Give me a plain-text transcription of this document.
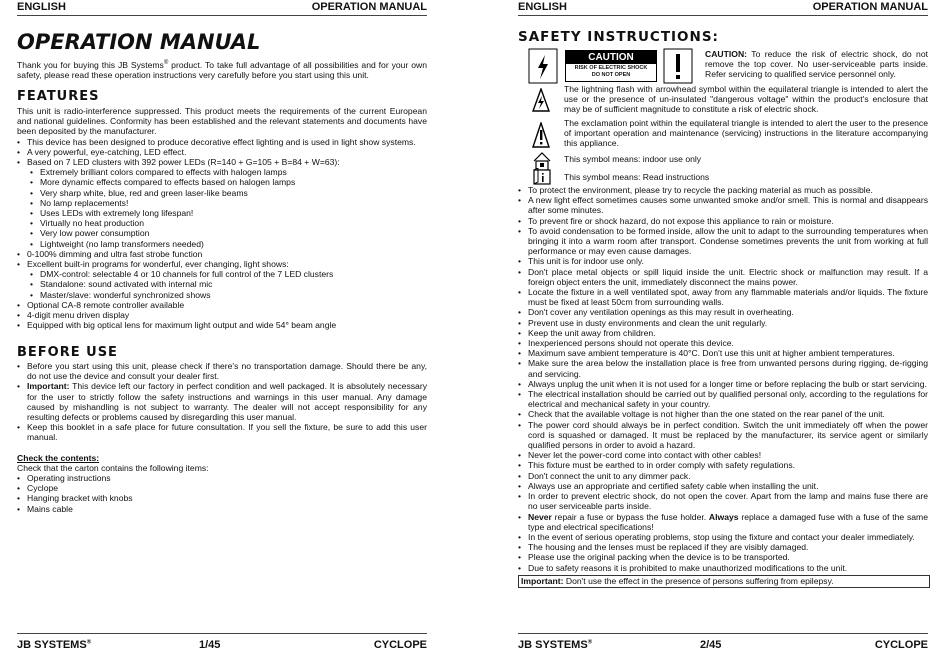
ENGLISH	OPERATION MANUAL
OPERATION MANUAL
Thank you for buying this JB Systems® product. To take full advantage of all possibilities and for your own safety, please read these operation instructions very carefully before you start using this unit.
FEATURES

This unit is radio-interference suppressed. This product meets the requirements of the current European and national guidelines. Conformity has been established and the relevant statements and documents have been deposited by the manufacturer.

• This device has been designed to produce decorative effect lighting and is used in light show systems.
• A very powerful, eye-catching, LED effect.
• Based on 7 LED clusters with 392 power LEDs (R=140 + G=105 + B=84 + W=63):
• Extremely brilliant colors compared to effects with halogen lamps
• More dynamic effects compared to effects based on halogen lamps
• Very sharp white, blue, red and green laser-like beams
• No lamp replacements!
• Uses LEDs with extremely long lifespan!
• Virtually no heat production
• Very low power consumption
• Lightweight (no lamp transformers needed)
• 0-100% dimming and ultra fast strobe function
• Excellent built-in programs for wonderful, ever changing, light shows:
• DMX-control: selectable 4 or 10 channels for full control of the 7 LED clusters
• Standalone: sound activated with internal mic
• Master/slave: wonderful synchronized shows
• Optional CA-8 remote controller available
• 4-digit menu driven display
• Equipped with big optical lens for maximum light output and wide 54° beam angle
BEFORE USE
• Before you start using this unit, please check if there's no transportation damage. Should there be any, do not use the device and consult your dealer first.
• Important: This device left our factory in perfect condition and well packaged. It is absolutely necessary for the user to strictly follow the safety instructions and warnings in this user manual. Any damage caused by mishandling is not subject to warranty. The dealer will not accept responsibility for any resulting defects or problems caused by disregarding this user manual.
• Keep this booklet in a safe place for future consultation. If you sell the fixture, be sure to add this user manual.

Check the contents:

Check that the carton contains the following items:

• Operating instructions
• Cyclope
• Hanging bracket with knobs
• Mains cable
JB SYSTEMS®	1/45	CYCLOPE
ENGLISH	OPERATION MANUAL
SAFETY INSTRUCTIONS:
CAUTION
RISK OF ELECTRIC SHOCK
DO NOT OPEN
CAUTION: To reduce the risk of electric shock, do not remove the top cover. No user-serviceable parts inside. Refer servicing to qualified service personnel only.
The lightning flash with arrowhead symbol within the equilateral triangle is intended to alert the use or the presence of un-insulated "dangerous voltage" within the product's enclosure that may be of sufficient magnitude to constitute a risk of electric shock.
The exclamation point within the equilateral triangle is intended to alert the user to the presence of important operation and maintenance (servicing) instructions in the literature accompanying this appliance.
This symbol means: indoor use only
This symbol means: Read instructions
• To protect the environment, please try to recycle the packing material as much as possible.
• A new light effect sometimes causes some unwanted smoke and/or smell. This is normal and disappears after some minutes.
• To prevent fire or shock hazard, do not expose this appliance to rain or moisture.
• To avoid condensation to be formed inside, allow the unit to adapt to the surrounding temperatures when bringing it into a warm room after transport. Condense sometimes prevents the unit from working at full performance or may even cause damages.
• This unit is for indoor use only.
• Don't place metal objects or spill liquid inside the unit. Electric shock or malfunction may result. If a foreign object enters the unit, immediately disconnect the mains power.
• Locate the fixture in a well ventilated spot, away from any flammable materials and/or liquids. The fixture must be fixed at least 50cm from surrounding walls.
• Don't cover any ventilation openings as this may result in overheating.
• Prevent use in dusty environments and clean the unit regularly.
• Keep the unit away from children.
• Inexperienced persons should not operate this device.
• Maximum save ambient temperature is 40°C. Don't use this unit at higher ambient temperatures.
• Make sure the area below the installation place is free from unwanted persons during rigging, de-rigging and servicing.
• Always unplug the unit when it is not used for a longer time or before replacing the bulb or start servicing.
• The electrical installation should be carried out by qualified personal only, according to the regulations for electrical and mechanical safety in your country.
• Check that the available voltage is not higher than the one stated on the rear panel of the unit.
• The power cord should always be in perfect condition. Switch the unit immediately off when the power cord is squashed or damaged. It must be replaced by the manufacturer, its service agent or similarly qualified persons in order to avoid a hazard.
• Never let the power-cord come into contact with other cables!
• This fixture must be earthed to in order comply with safety regulations.
• Don't connect the unit to any dimmer pack.
• Always use an appropriate and certified safety cable when installing the unit.
• In order to prevent electric shock, do not open the cover. Apart from the lamp and mains fuse there are no user serviceable parts inside.
• Never repair a fuse or bypass the fuse holder. Always replace a damaged fuse with a fuse of the same type and electrical specifications!
• In the event of serious operating problems, stop using the fixture and contact your dealer immediately.
• The housing and the lenses must be replaced if they are visibly damaged.
• Please use the original packing when the device is to be transported.
• Due to safety reasons it is prohibited to make unauthorized modifications to the unit.
Important: Don't use the effect in the presence of persons suffering from epilepsy.
JB SYSTEMS®	2/45	CYCLOPE
